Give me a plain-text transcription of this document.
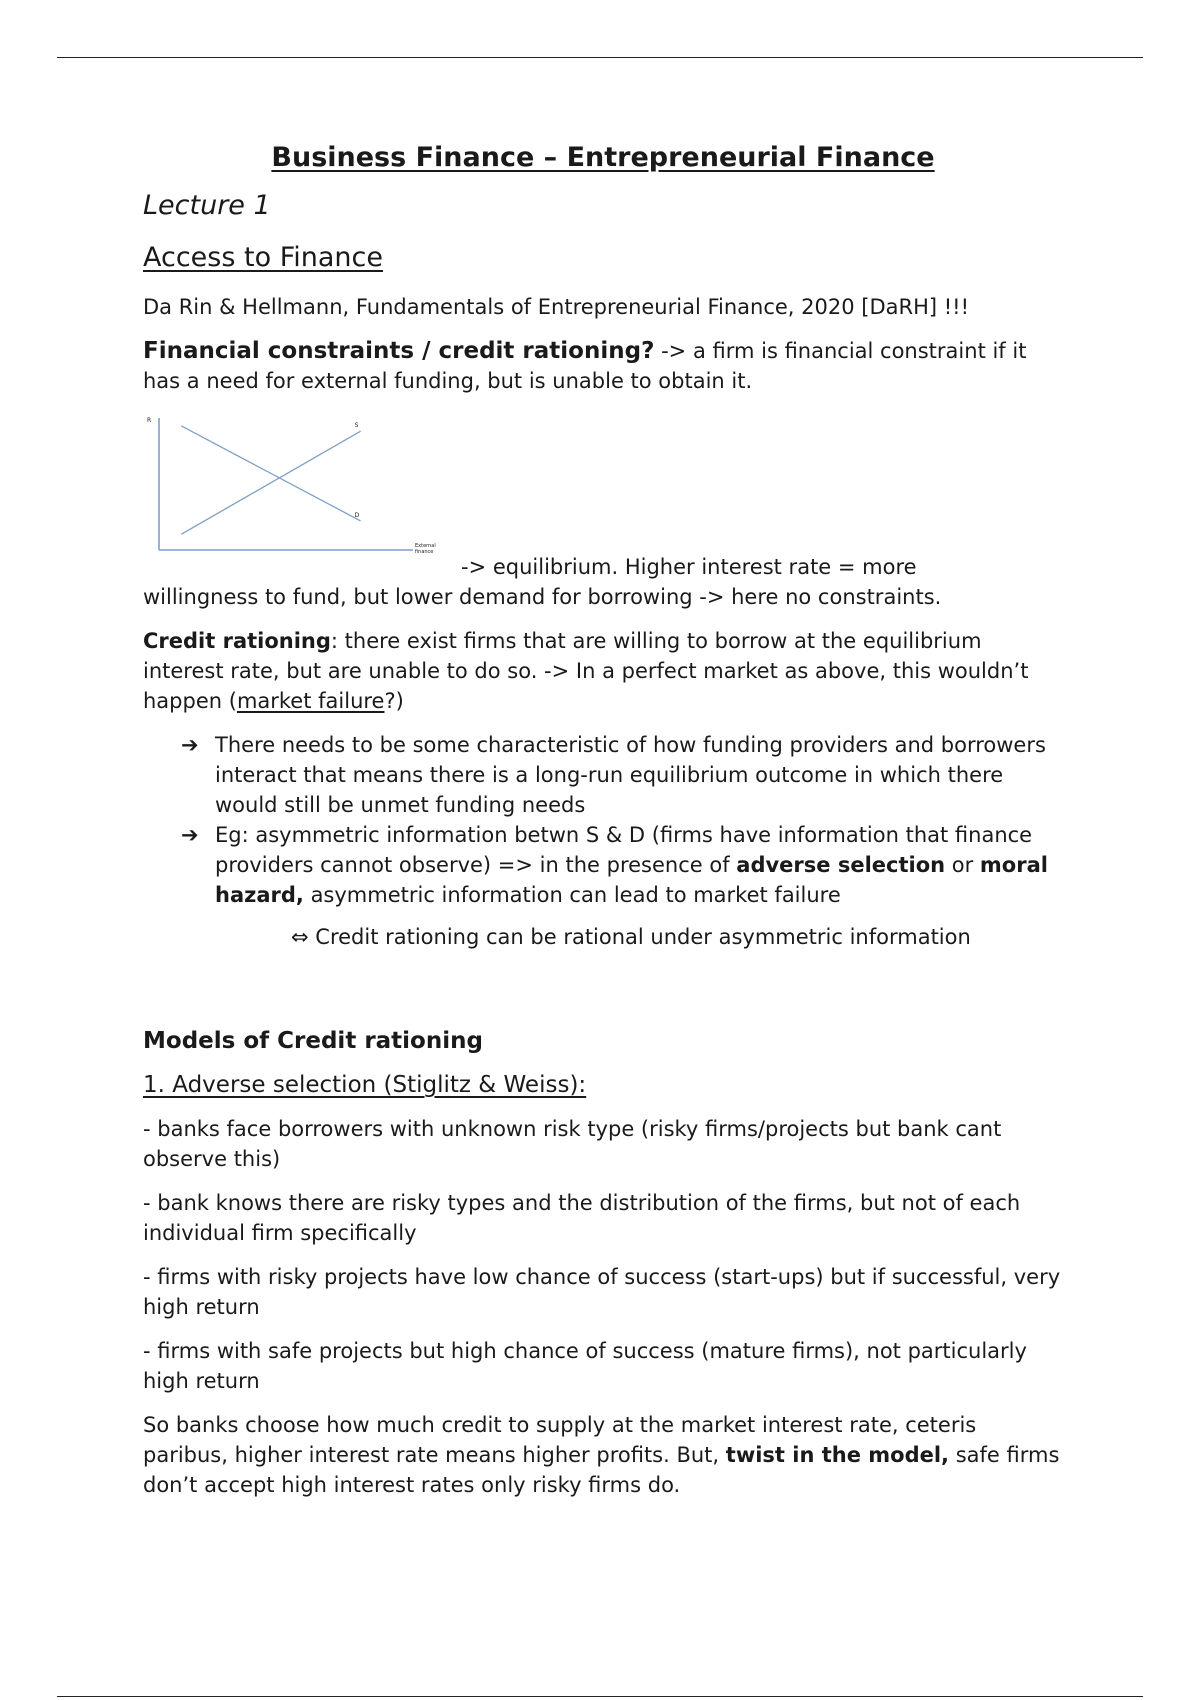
Business Finance – Entrepreneurial Finance
Lecture 1
Access to Finance

Da Rin & Hellmann, Fundamentals of Entrepreneurial Finance, 2020 [DaRH] !!!

Financial constraints / credit rationing? -> a firm is financial constraint if it has a need for external funding, but is unable to obtain it.

R
External
finance
S
D
-> equilibrium. Higher interest rate = more

willingness to fund, but lower demand for borrowing -> here no constraints.

Credit rationing: there exist firms that are willing to borrow at the equilibrium interest rate, but are unable to do so. -> In a perfect market as above, this wouldn’t happen (market failure?)

➔ There needs to be some characteristic of how funding providers and borrowers interact that means there is a long-run equilibrium outcome in which there would still be unmet funding needs
➔ Eg: asymmetric information betwn S & D (firms have information that finance providers cannot observe) => in the presence of adverse selection or moral hazard, asymmetric information can lead to market failure

⇔ Credit rationing can be rational under asymmetric information

Models of Credit rationing
1. Adverse selection (Stiglitz & Weiss):

- banks face borrowers with unknown risk type (risky firms/projects but bank cant observe this)

- bank knows there are risky types and the distribution of the firms, but not of each individual firm specifically

- firms with risky projects have low chance of success (start-ups) but if successful, very high return

- firms with safe projects but high chance of success (mature firms), not particularly high return

So banks choose how much credit to supply at the market interest rate, ceteris paribus, higher interest rate means higher profits. But, twist in the model, safe firms don’t accept high interest rates only risky firms do.
